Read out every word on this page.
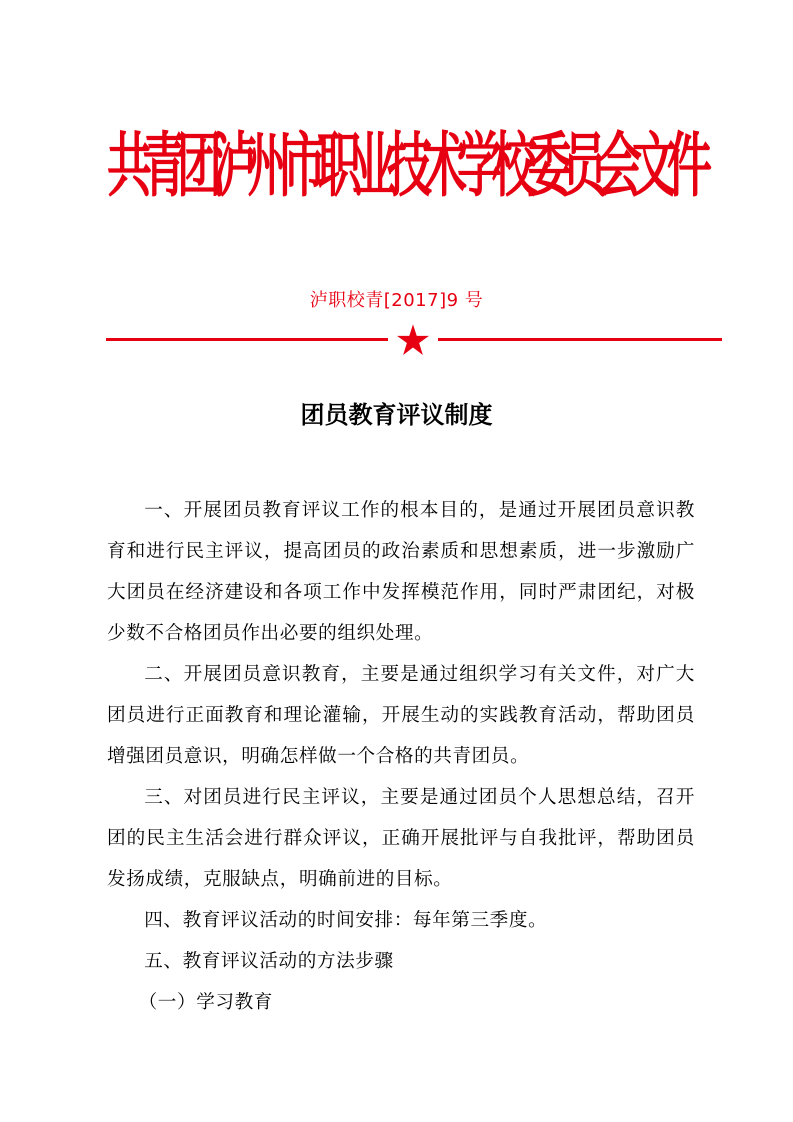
共青团泸州市职业技术学校委员会文件
泸职校青[2017]9 号
团员教育评议制度

一、开展团员教育评议工作的根本目的，是通过开展团员意识教育和进行民主评议，提高团员的政治素质和思想素质，进一步激励广大团员在经济建设和各项工作中发挥模范作用，同时严肃团纪，对极少数不合格团员作出必要的组织处理。

二、开展团员意识教育，主要是通过组织学习有关文件，对广大团员进行正面教育和理论灌输，开展生动的实践教育活动，帮助团员增强团员意识，明确怎样做一个合格的共青团员。

三、对团员进行民主评议，主要是通过团员个人思想总结，召开团的民主生活会进行群众评议，正确开展批评与自我批评，帮助团员发扬成绩，克服缺点，明确前进的目标。

四、教育评议活动的时间安排：每年第三季度。

五、教育评议活动的方法步骤

（一）学习教育
